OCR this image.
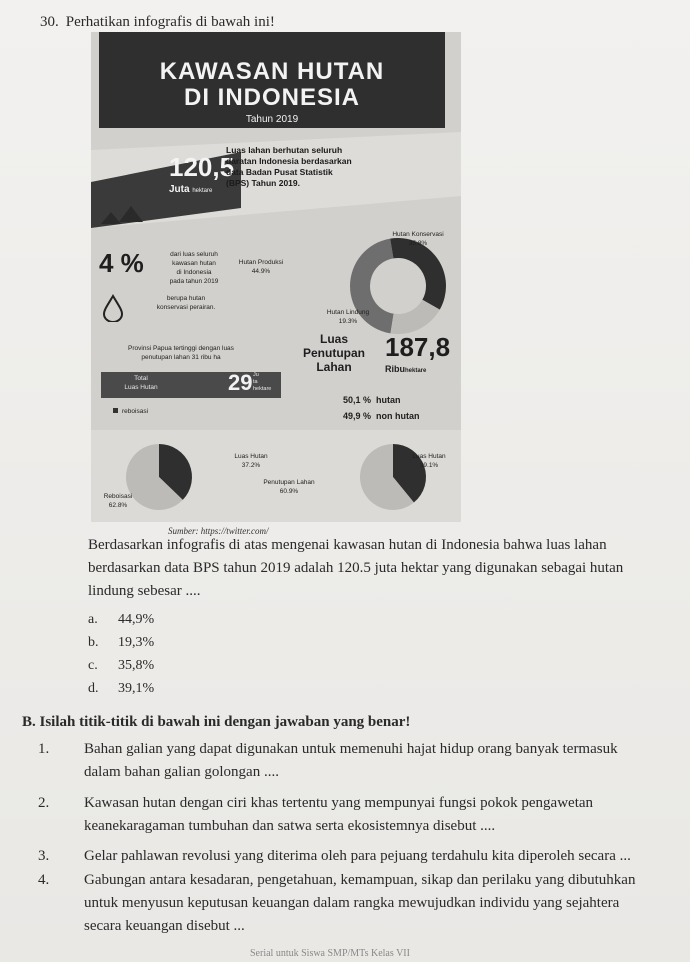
30. Perhatikan infografis di bawah ini!
KAWASAN HUTAN
DI INDONESIA
Tahun 2019
120,5
Juta hektare
Luas lahan berhutan seluruh
daratan Indonesia berdasarkan
data Badan Pusat Statistik
(BPS) Tahun 2019.
4 %	dari luas seluruh
kawasan hutan
di Indonesia
pada tahun 2019
berupa hutan
konservasi perairan.
Hutan Produksi
44.9%
Hutan Konservasi
35.8%
Hutan Lindung
19.3%
Provinsi Papua tertinggi dengan luas
penutupan lahan 31 ribu ha
Total
Luas Hutan	29 Ju
ta
hektare
reboisasi
Luas
Penutupan
Lahan
187,8
Ribuhektare
50,1 % hutan
49,9 % non hutan
Luas Hutan
37.2%
Reboisasi
62.8%
Luas Hutan
39.1%
Penutupan Lahan
60.9%
Sumber: https://twitter.com/
Berdasarkan infografis di atas mengenai kawasan hutan di Indonesia bahwa luas lahan
berdasarkan data BPS tahun 2019 adalah 120.5 juta hektar yang digunakan sebagai hutan
lindung sebesar ....
a. 44,9%
b. 19,3%
c. 35,8%
d. 39,1%
B. Isilah titik-titik di bawah ini dengan jawaban yang benar!
1. Bahan galian yang dapat digunakan untuk memenuhi hajat hidup orang banyak termasuk
dalam bahan galian golongan ....
2. Kawasan hutan dengan ciri khas tertentu yang mempunyai fungsi pokok pengawetan
keanekaragaman tumbuhan dan satwa serta ekosistemnya disebut ....
3. Gelar pahlawan revolusi yang diterima oleh para pejuang terdahulu kita diperoleh secara ...
4. Gabungan antara kesadaran, pengetahuan, kemampuan, sikap dan perilaku yang dibutuhkan
untuk menyusun keputusan keuangan dalam rangka mewujudkan individu yang sejahtera
secara keuangan disebut ...
Serial untuk Siswa SMP/MTs Kelas VII
